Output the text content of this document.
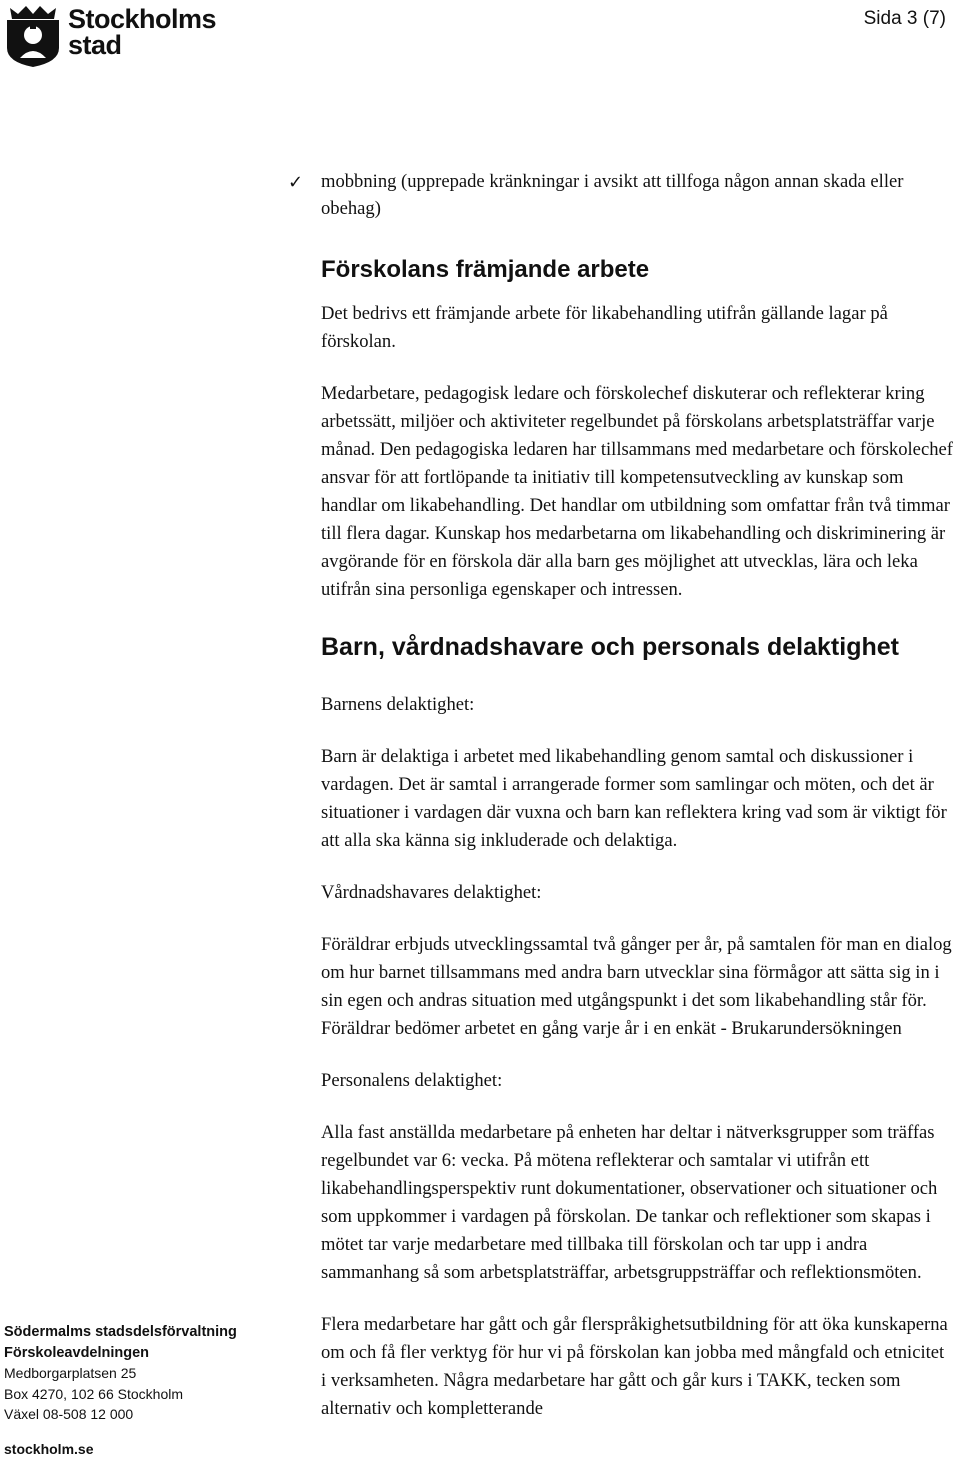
Stockholms
stad
Sida 3 (7)
✓ mobbning (upprepade kränkningar i avsikt att tillfoga någon annan skada eller obehag)
Förskolans främjande arbete

Det bedrivs ett främjande arbete för likabehandling utifrån gällande lagar på förskolan.

Medarbetare, pedagogisk ledare och förskolechef diskuterar och reflekterar kring arbetssätt, miljöer och aktiviteter regelbundet på förskolans arbetsplatsträffar varje månad. Den pedagogiska ledaren har tillsammans med medarbetare och förskolechef ansvar för att fortlöpande ta initiativ till kompetensutveckling av kunskap som handlar om likabehandling. Det handlar om utbildning som omfattar från två timmar till flera dagar. Kunskap hos medarbetarna om likabehandling och diskriminering är avgörande för en förskola där alla barn ges möjlighet att utvecklas, lära och leka utifrån sina personliga egenskaper och intressen.

Barn, vårdnadshavare och personals delaktighet

Barnens delaktighet:

Barn är delaktiga i arbetet med likabehandling genom samtal och diskussioner i vardagen. Det är samtal i arrangerade former som samlingar och möten, och det är situationer i vardagen där vuxna och barn kan reflektera kring vad som är viktigt för att alla ska känna sig inkluderade och delaktiga.

Vårdnadshavares delaktighet:

Föräldrar erbjuds utvecklingssamtal två gånger per år, på samtalen för man en dialog om hur barnet tillsammans med andra barn utvecklar sina förmågor att sätta sig in i sin egen och andras situation med utgångspunkt i det som likabehandling står för. Föräldrar bedömer arbetet en gång varje år i en enkät - Brukarundersökningen

Personalens delaktighet:

Alla fast anställda medarbetare på enheten har deltar i nätverksgrupper som träffas regelbundet var 6: vecka. På mötena reflekterar och samtalar vi utifrån ett likabehandlingsperspektiv runt dokumentationer, observationer och situationer och som uppkommer i vardagen på förskolan. De tankar och reflektioner som skapas i mötet tar varje medarbetare med tillbaka till förskolan och tar upp i andra sammanhang så som arbetsplatsträffar, arbetsgruppsträffar och reflektionsmöten.

Flera medarbetare har gått och går flerspråkighetsutbildning för att öka kunskaperna om och få fler verktyg för hur vi på förskolan kan jobba med mångfald och etnicitet i verksamheten. Några medarbetare har gått och går kurs i TAKK, tecken som alternativ och kompletterande

Södermalms stadsdelsförvaltning
Förskoleavdelningen
Medborgarplatsen 25
Box 4270, 102 66 Stockholm
Växel 08-508 12 000
stockholm.se
